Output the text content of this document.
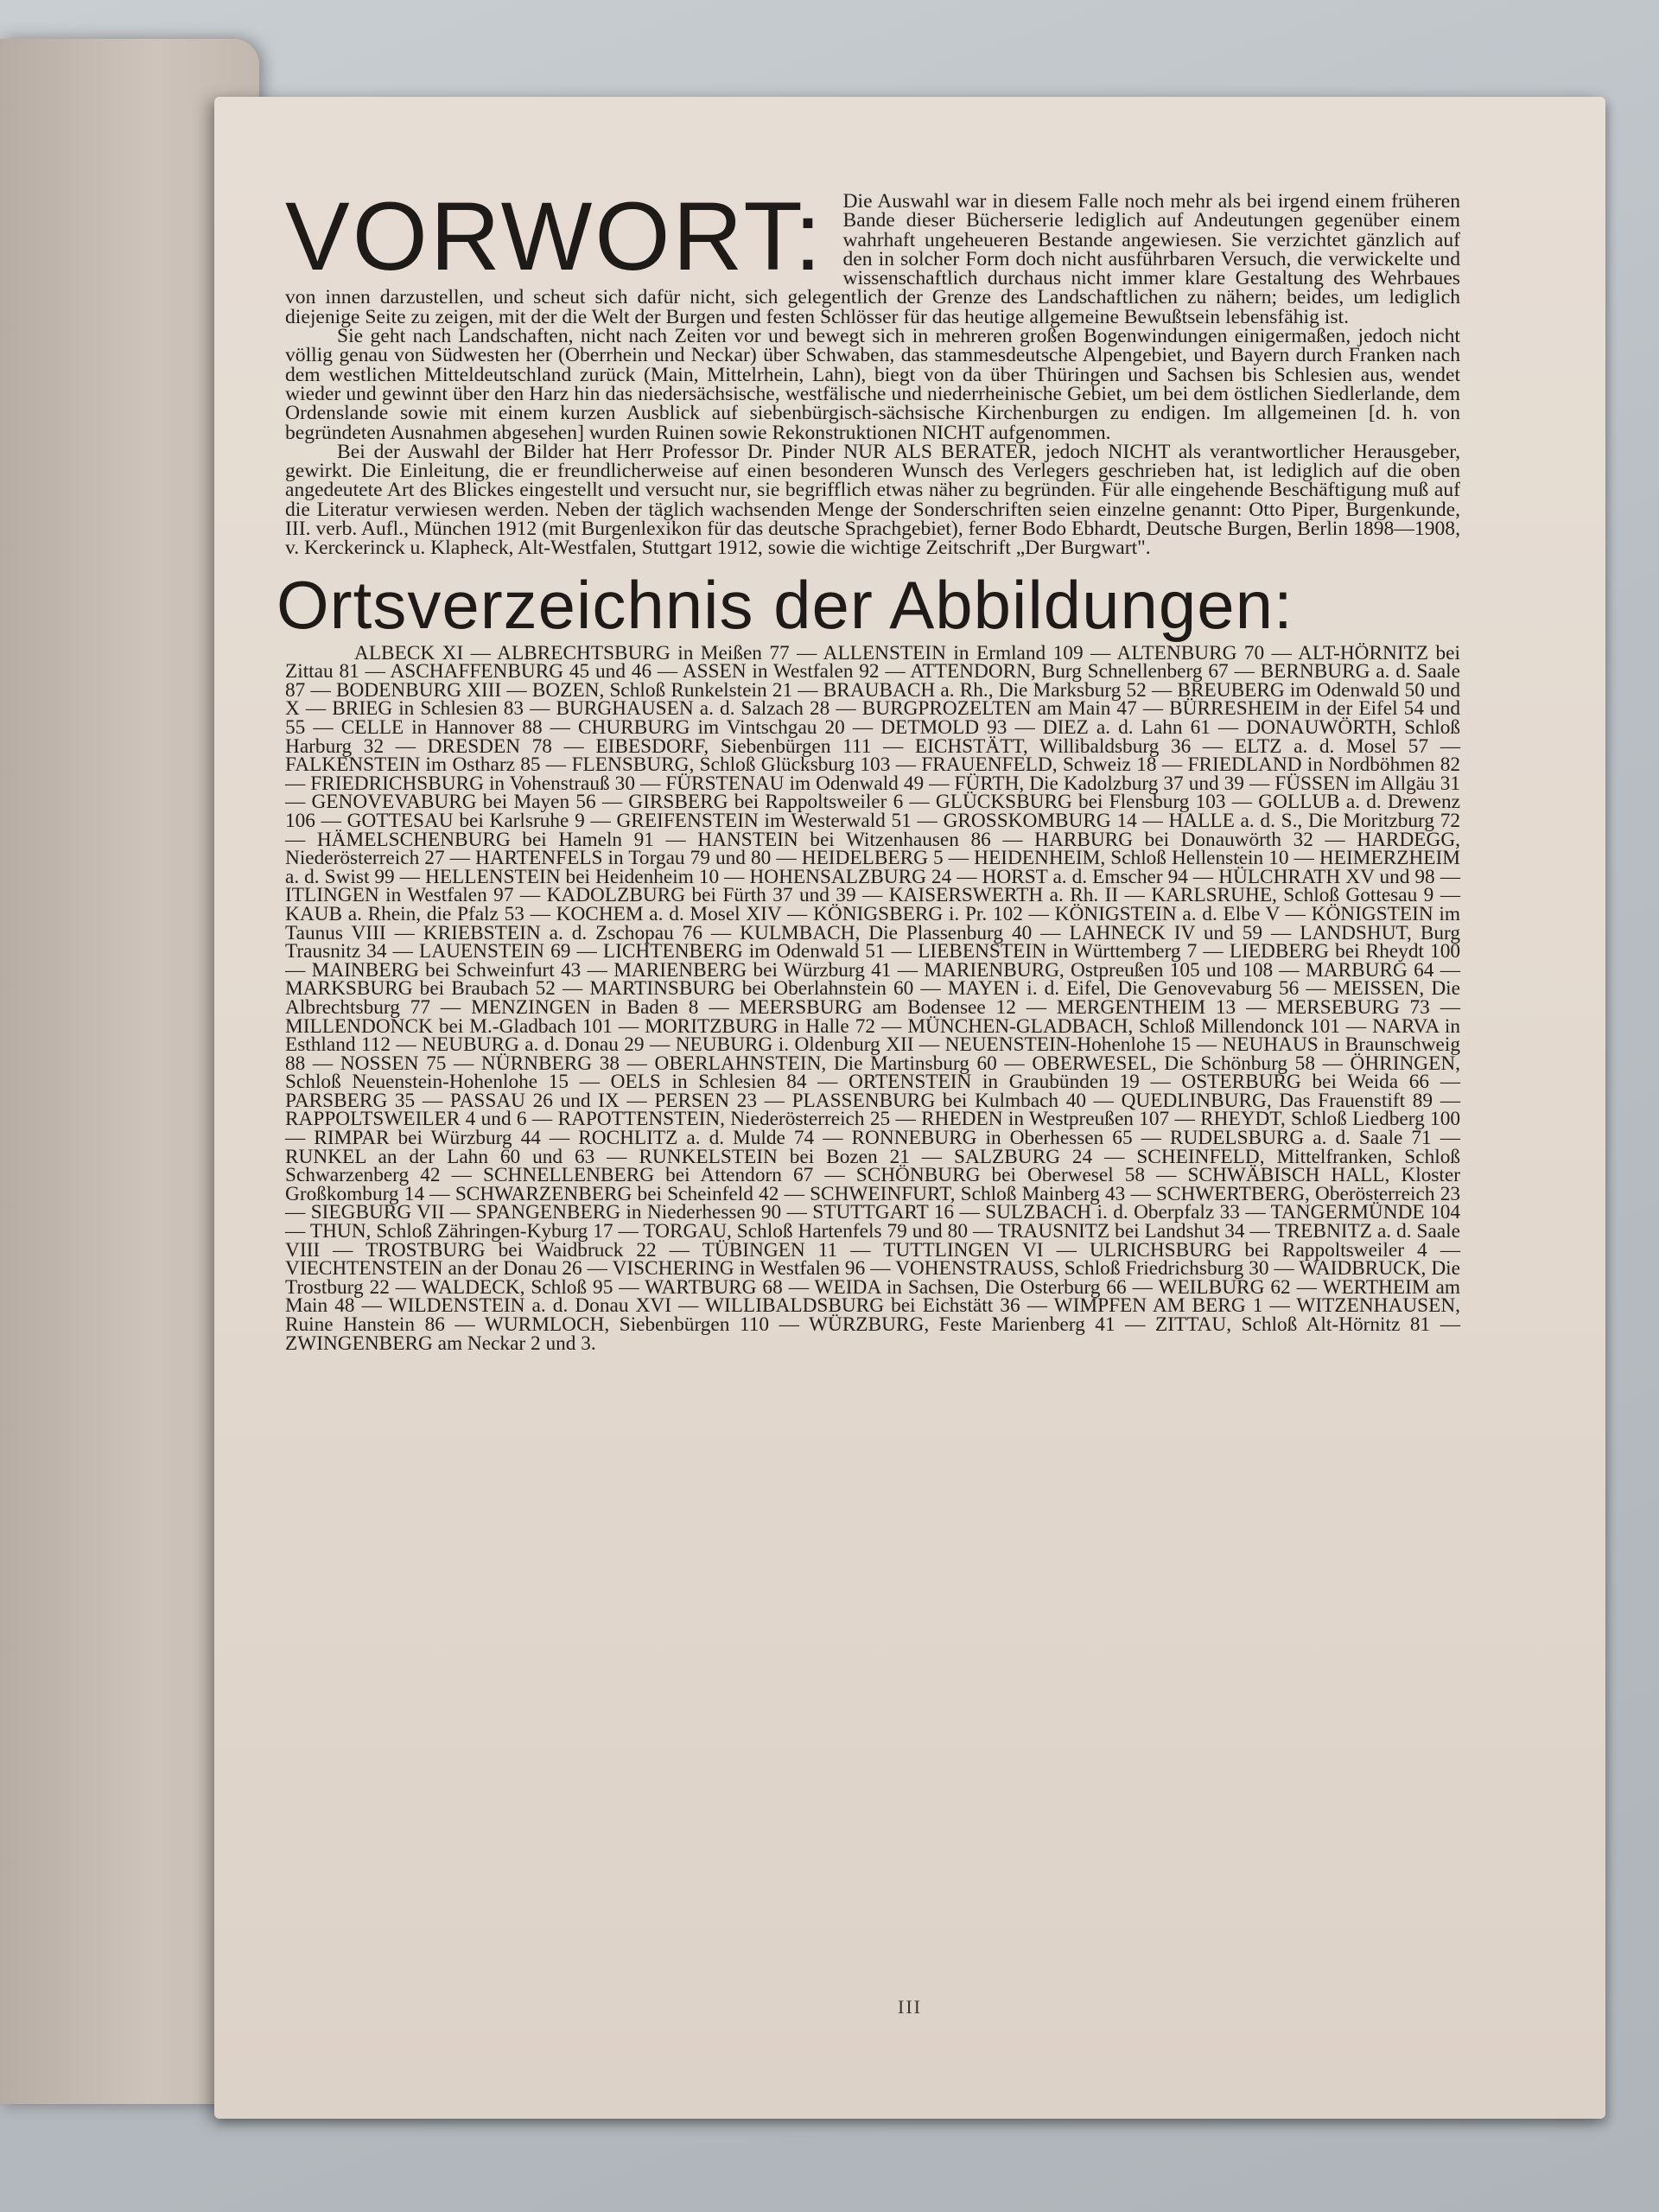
VORWORT: Die Auswahl war in diesem Falle noch mehr als bei irgend einem früheren Bande dieser Bücherserie lediglich auf Andeutungen gegenüber einem wahrhaft ungeheueren Bestande angewiesen. Sie verzichtet gänzlich auf den in solcher Form doch nicht ausführbaren Versuch, die verwickelte und wissenschaftlich durchaus nicht immer klare Gestaltung des Wehrbaues von innen darzustellen, und scheut sich dafür nicht, sich gelegentlich der Grenze des Landschaftlichen zu nähern; beides, um lediglich diejenige Seite zu zeigen, mit der die Welt der Burgen und festen Schlösser für das heutige allgemeine Bewußtsein lebensfähig ist.

Sie geht nach Landschaften, nicht nach Zeiten vor und bewegt sich in mehreren großen Bogenwindungen einigermaßen, jedoch nicht völlig genau von Südwesten her (Oberrhein und Neckar) über Schwaben, das stammesdeutsche Alpengebiet, und Bayern durch Franken nach dem westlichen Mitteldeutschland zurück (Main, Mittelrhein, Lahn), biegt von da über Thüringen und Sachsen bis Schlesien aus, wendet wieder und gewinnt über den Harz hin das niedersächsische, westfälische und niederrheinische Gebiet, um bei dem östlichen Siedlerlande, dem Ordenslande sowie mit einem kurzen Ausblick auf siebenbürgisch-sächsische Kirchenburgen zu endigen. Im allgemeinen [d. h. von begründeten Ausnahmen abgesehen] wurden Ruinen sowie Rekonstruktionen NICHT aufgenommen.

Bei der Auswahl der Bilder hat Herr Professor Dr. Pinder NUR ALS BERATER, jedoch NICHT als verantwortlicher Herausgeber, gewirkt. Die Einleitung, die er freundlicherweise auf einen besonderen Wunsch des Verlegers geschrieben hat, ist lediglich auf die oben angedeutete Art des Blickes eingestellt und versucht nur, sie begrifflich etwas näher zu begründen. Für alle eingehende Beschäftigung muß auf die Literatur verwiesen werden. Neben der täglich wachsenden Menge der Sonderschriften seien einzelne genannt: Otto Piper, Burgenkunde, III. verb. Aufl., München 1912 (mit Burgenlexikon für das deutsche Sprachgebiet), ferner Bodo Ebhardt, Deutsche Burgen, Berlin 1898—1908, v. Kerckerinck u. Klapheck, Alt-Westfalen, Stuttgart 1912, sowie die wichtige Zeitschrift „Der Burgwart".

Ortsverzeichnis der Abbildungen:

ALBECK XI — ALBRECHTSBURG in Meißen 77 — ALLENSTEIN in Ermland 109 — ALTENBURG 70 — ALT-HÖRNITZ bei Zittau 81 — ASCHAFFENBURG 45 und 46 — ASSEN in Westfalen 92 — ATTENDORN, Burg Schnellenberg 67 — BERNBURG a. d. Saale 87 — BODENBURG XIII — BOZEN, Schloß Runkelstein 21 — BRAUBACH a. Rh., Die Marksburg 52 — BREUBERG im Odenwald 50 und X — BRIEG in Schlesien 83 — BURGHAUSEN a. d. Salzach 28 — BURGPROZELTEN am Main 47 — BÜRRESHEIM in der Eifel 54 und 55 — CELLE in Hannover 88 — CHURBURG im Vintschgau 20 — DETMOLD 93 — DIEZ a. d. Lahn 61 — DONAUWÖRTH, Schloß Harburg 32 — DRESDEN 78 — EIBESDORF, Siebenbürgen 111 — EICHSTÄTT, Willibaldsburg 36 — ELTZ a. d. Mosel 57 — FALKENSTEIN im Ostharz 85 — FLENSBURG, Schloß Glücksburg 103 — FRAUENFELD, Schweiz 18 — FRIEDLAND in Nordböhmen 82 — FRIEDRICHSBURG in Vohenstrauß 30 — FÜRSTENAU im Odenwald 49 — FÜRTH, Die Kadolzburg 37 und 39 — FÜSSEN im Allgäu 31 — GENOVEVABURG bei Mayen 56 — GIRSBERG bei Rappoltsweiler 6 — GLÜCKSBURG bei Flensburg 103 — GOLLUB a. d. Drewenz 106 — GOTTESAU bei Karlsruhe 9 — GREIFENSTEIN im Westerwald 51 — GROSSKOMBURG 14 — HALLE a. d. S., Die Moritzburg 72 — HÄMELSCHENBURG bei Hameln 91 — HANSTEIN bei Witzenhausen 86 — HARBURG bei Donauwörth 32 — HARDEGG, Niederösterreich 27 — HARTENFELS in Torgau 79 und 80 — HEIDELBERG 5 — HEIDENHEIM, Schloß Hellenstein 10 — HEIMERZHEIM a. d. Swist 99 — HELLENSTEIN bei Heidenheim 10 — HOHENSALZBURG 24 — HORST a. d. Emscher 94 — HÜLCHRATH XV und 98 — ITLINGEN in Westfalen 97 — KADOLZBURG bei Fürth 37 und 39 — KAISERSWERTH a. Rh. II — KARLSRUHE, Schloß Gottesau 9 — KAUB a. Rhein, die Pfalz 53 — KOCHEM a. d. Mosel XIV — KÖNIGSBERG i. Pr. 102 — KÖNIGSTEIN a. d. Elbe V — KÖNIGSTEIN im Taunus VIII — KRIEBSTEIN a. d. Zschopau 76 — KULMBACH, Die Plassenburg 40 — LAHNECK IV und 59 — LANDSHUT, Burg Trausnitz 34 — LAUENSTEIN 69 — LICHTENBERG im Odenwald 51 — LIEBENSTEIN in Württemberg 7 — LIEDBERG bei Rheydt 100 — MAINBERG bei Schweinfurt 43 — MARIENBERG bei Würzburg 41 — MARIENBURG, Ostpreußen 105 und 108 — MARBURG 64 — MARKSBURG bei Braubach 52 — MARTINSBURG bei Oberlahnstein 60 — MAYEN i. d. Eifel, Die Genovevaburg 56 — MEISSEN, Die Albrechtsburg 77 — MENZINGEN in Baden 8 — MEERSBURG am Bodensee 12 — MERGENTHEIM 13 — MERSEBURG 73 — MILLENDONCK bei M.-Gladbach 101 — MORITZBURG in Halle 72 — MÜNCHEN-GLADBACH, Schloß Millendonck 101 — NARVA in Esthland 112 — NEUBURG a. d. Donau 29 — NEUBURG i. Oldenburg XII — NEUENSTEIN-Hohenlohe 15 — NEUHAUS in Braunschweig 88 — NOSSEN 75 — NÜRNBERG 38 — OBERLAHNSTEIN, Die Martinsburg 60 — OBERWESEL, Die Schönburg 58 — ÖHRINGEN, Schloß Neuenstein-Hohenlohe 15 — OELS in Schlesien 84 — ORTENSTEIN in Graubünden 19 — OSTERBURG bei Weida 66 — PARSBERG 35 — PASSAU 26 und IX — PERSEN 23 — PLASSENBURG bei Kulmbach 40 — QUEDLINBURG, Das Frauenstift 89 — RAPPOLTSWEILER 4 und 6 — RAPOTTENSTEIN, Niederösterreich 25 — RHEDEN in Westpreußen 107 — RHEYDT, Schloß Liedberg 100 — RIMPAR bei Würzburg 44 — ROCHLITZ a. d. Mulde 74 — RONNEBURG in Oberhessen 65 — RUDELSBURG a. d. Saale 71 — RUNKEL an der Lahn 60 und 63 — RUNKELSTEIN bei Bozen 21 — SALZBURG 24 — SCHEINFELD, Mittelfranken, Schloß Schwarzenberg 42 — SCHNELLENBERG bei Attendorn 67 — SCHÖNBURG bei Oberwesel 58 — SCHWÄBISCH HALL, Kloster Großkomburg 14 — SCHWARZENBERG bei Scheinfeld 42 — SCHWEINFURT, Schloß Mainberg 43 — SCHWERTBERG, Oberösterreich 23 — SIEGBURG VII — SPANGENBERG in Niederhessen 90 — STUTTGART 16 — SULZBACH i. d. Oberpfalz 33 — TANGERMÜNDE 104 — THUN, Schloß Zähringen-Kyburg 17 — TORGAU, Schloß Hartenfels 79 und 80 — TRAUSNITZ bei Landshut 34 — TREBNITZ a. d. Saale VIII — TROSTBURG bei Waidbruck 22 — TÜBINGEN 11 — TUTTLINGEN VI — ULRICHSBURG bei Rappoltsweiler 4 — VIECHTENSTEIN an der Donau 26 — VISCHERING in Westfalen 96 — VOHENSTRAUSS, Schloß Friedrichsburg 30 — WAIDBRUCK, Die Trostburg 22 — WALDECK, Schloß 95 — WARTBURG 68 — WEIDA in Sachsen, Die Osterburg 66 — WEILBURG 62 — WERTHEIM am Main 48 — WILDENSTEIN a. d. Donau XVI — WILLIBALDSBURG bei Eichstätt 36 — WIMPFEN AM BERG 1 — WITZENHAUSEN, Ruine Hanstein 86 — WURMLOCH, Siebenbürgen 110 — WÜRZBURG, Feste Marienberg 41 — ZITTAU, Schloß Alt-Hörnitz 81 — ZWINGENBERG am Neckar 2 und 3.

III
